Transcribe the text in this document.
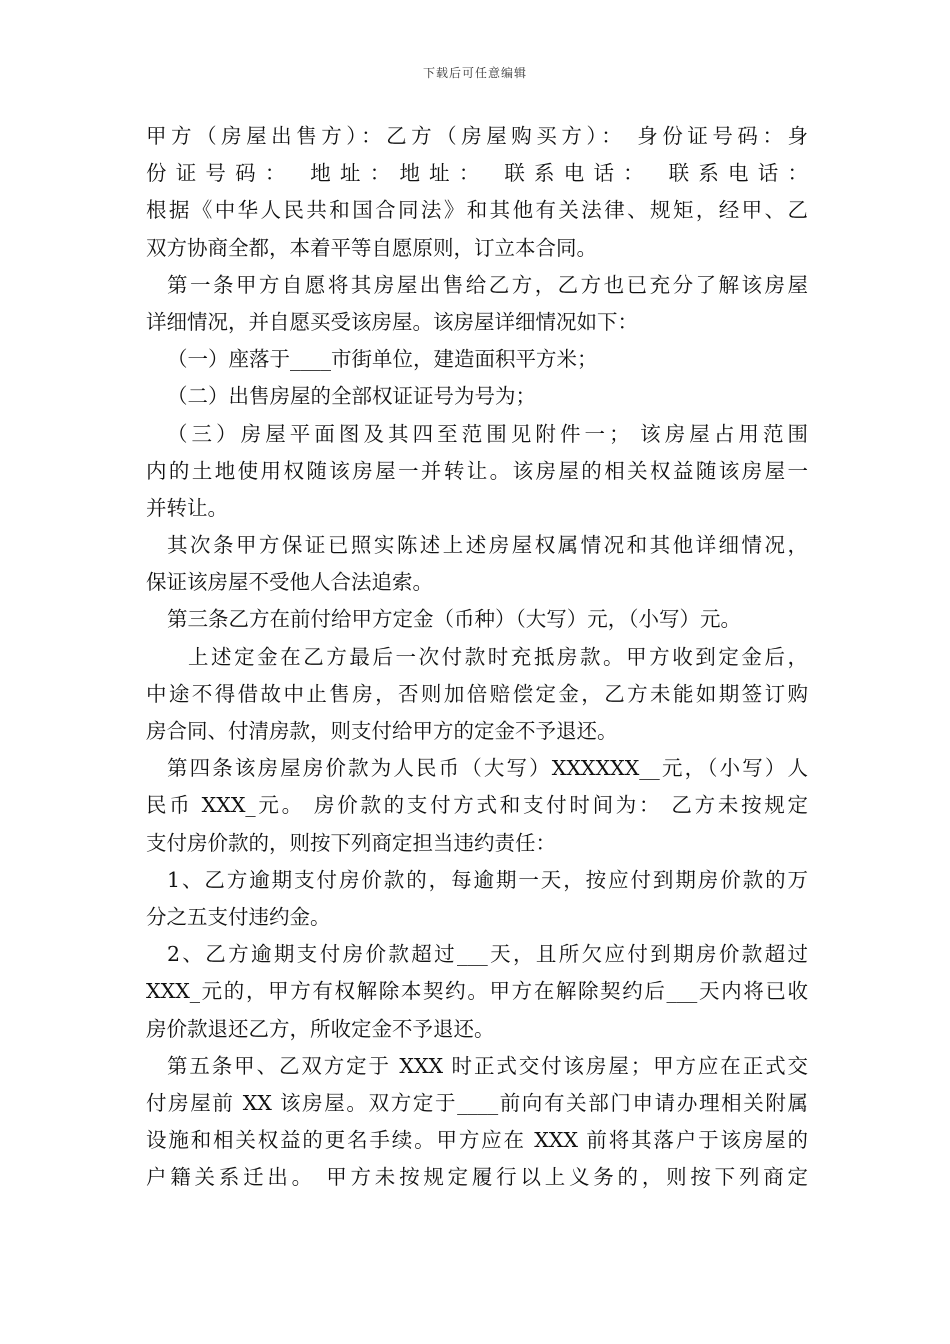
下载后可任意编辑
甲方（房屋出售方）：乙方（房屋购买方）： 身份证号码：身
份证号码： 地址：地址： 联系电话： 联系电话：
根据《中华人民共和国合同法》和其他有关法律、规矩，经甲、乙
双方协商全都，本着平等自愿原则，订立本合同。
第一条甲方自愿将其房屋出售给乙方，乙方也已充分了解该房屋
详细情况，并自愿买受该房屋。该房屋详细情况如下：
（一）座落于____市街单位，建造面积平方米；
（二）出售房屋的全部权证证号为号为；
（三）房屋平面图及其四至范围见附件一； 该房屋占用范围
内的土地使用权随该房屋一并转让。该房屋的相关权益随该房屋一
并转让。
其次条甲方保证已照实陈述上述房屋权属情况和其他详细情况，
保证该房屋不受他人合法追索。
第三条乙方在前付给甲方定金（币种）（大写）元，（小写）元。
上述定金在乙方最后一次付款时充抵房款。甲方收到定金后，
中途不得借故中止售房，否则加倍赔偿定金，乙方未能如期签订购
房合同、付清房款，则支付给甲方的定金不予退还。
第四条该房屋房价款为人民币（大写）XXXXXX__元，（小写）人
民币 XXX_元。 房价款的支付方式和支付时间为： 乙方未按规定
支付房价款的，则按下列商定担当违约责任：
1、乙方逾期支付房价款的，每逾期一天，按应付到期房价款的万
分之五支付违约金。
2、乙方逾期支付房价款超过___天，且所欠应付到期房价款超过
XXX_元的，甲方有权解除本契约。甲方在解除契约后___天内将已收
房价款退还乙方，所收定金不予退还。
第五条甲、乙双方定于 XXX 时正式交付该房屋；甲方应在正式交
付房屋前 XX 该房屋。双方定于____前向有关部门申请办理相关附属
设施和相关权益的更名手续。甲方应在 XXX 前将其落户于该房屋的
户籍关系迁出。 甲方未按规定履行以上义务的，则按下列商定
